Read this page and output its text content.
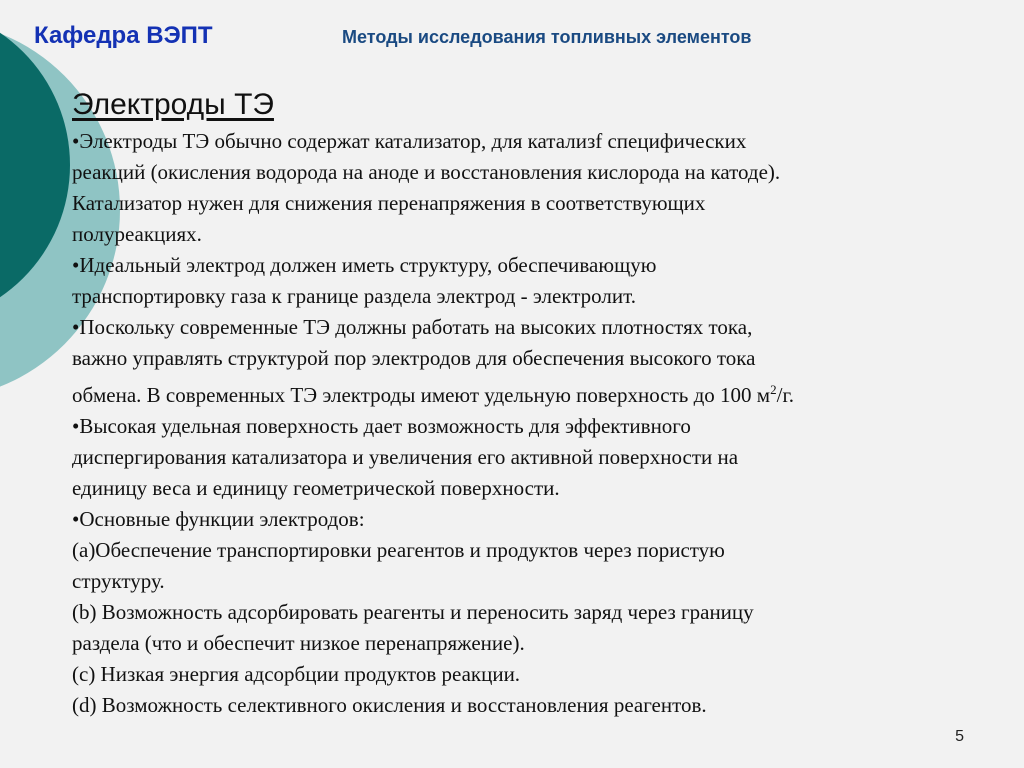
Кафедра ВЭПТ	Методы исследования топливных элементов
Электроды ТЭ
•Электроды ТЭ обычно содержат катализатор, для катализf специфических
реакций (окисления водорода на аноде и восстановления кислорода на катоде).
Катализатор нужен для снижения перенапряжения в соответствующих
полуреакциях.
•Идеальный электрод должен иметь структуру, обеспечивающую
транспортировку газа к границе раздела электрод - электролит.
•Поскольку современные ТЭ должны работать на высоких плотностях тока,
важно управлять структурой пор электродов для обеспечения высокого тока
обмена. В современных ТЭ электроды имеют удельную поверхность до 100 $м^2/г$.
•Высокая удельная поверхность дает возможность для эффективного
диспергирования катализатора и увеличения его активной поверхности на
единицу веса и единицу геометрической поверхности.
•Основные функции электродов:
(а)Обеспечение транспортировки реагентов и продуктов через пористую
структуру.
(b) Возможность адсорбировать реагенты и переносить заряд через границу
раздела (что и обеспечит низкое перенапряжение).
(c) Низкая энергия адсорбции продуктов реакции.
(d) Возможность селективного окисления и восстановления реагентов.
5
